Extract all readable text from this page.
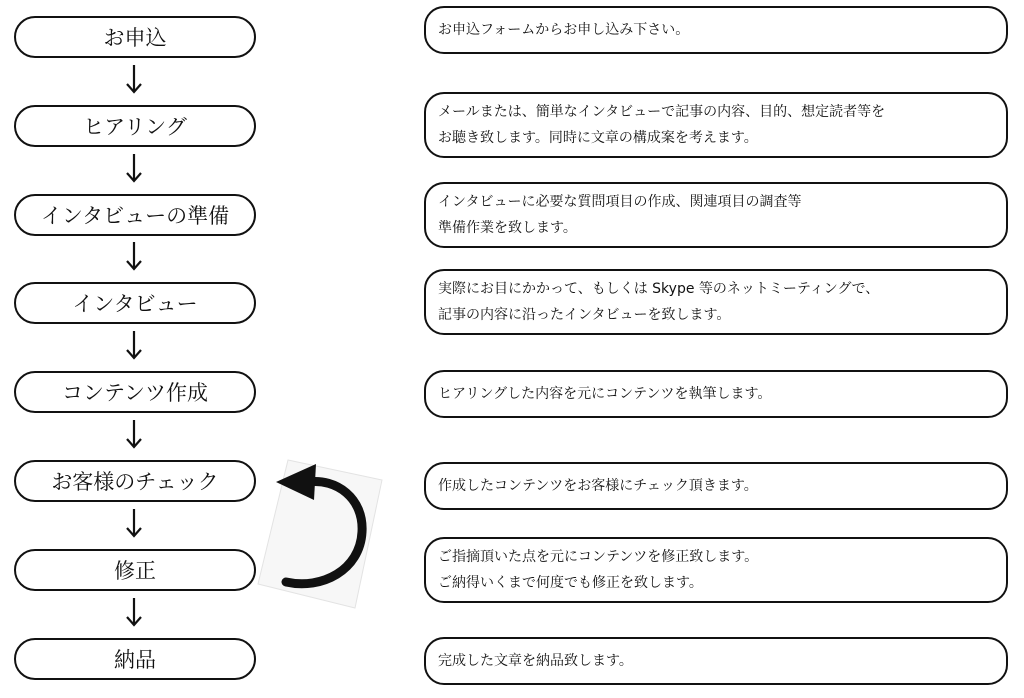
お申込
ヒアリング
インタビューの準備
インタビュー
コンテンツ作成
お客様のチェック
修正
納品
お申込フォームからお申し込み下さい。
メールまたは、簡単なインタビューで記事の内容、目的、想定読者等を
お聴き致します。同時に文章の構成案を考えます。
インタビューに必要な質問項目の作成、関連項目の調査等
準備作業を致します。
実際にお目にかかって、もしくは Skype 等のネットミーティングで、
記事の内容に沿ったインタビューを致します。
ヒアリングした内容を元にコンテンツを執筆します。
作成したコンテンツをお客様にチェック頂きます。
ご指摘頂いた点を元にコンテンツを修正致します。
ご納得いくまで何度でも修正を致します。
完成した文章を納品致します。
